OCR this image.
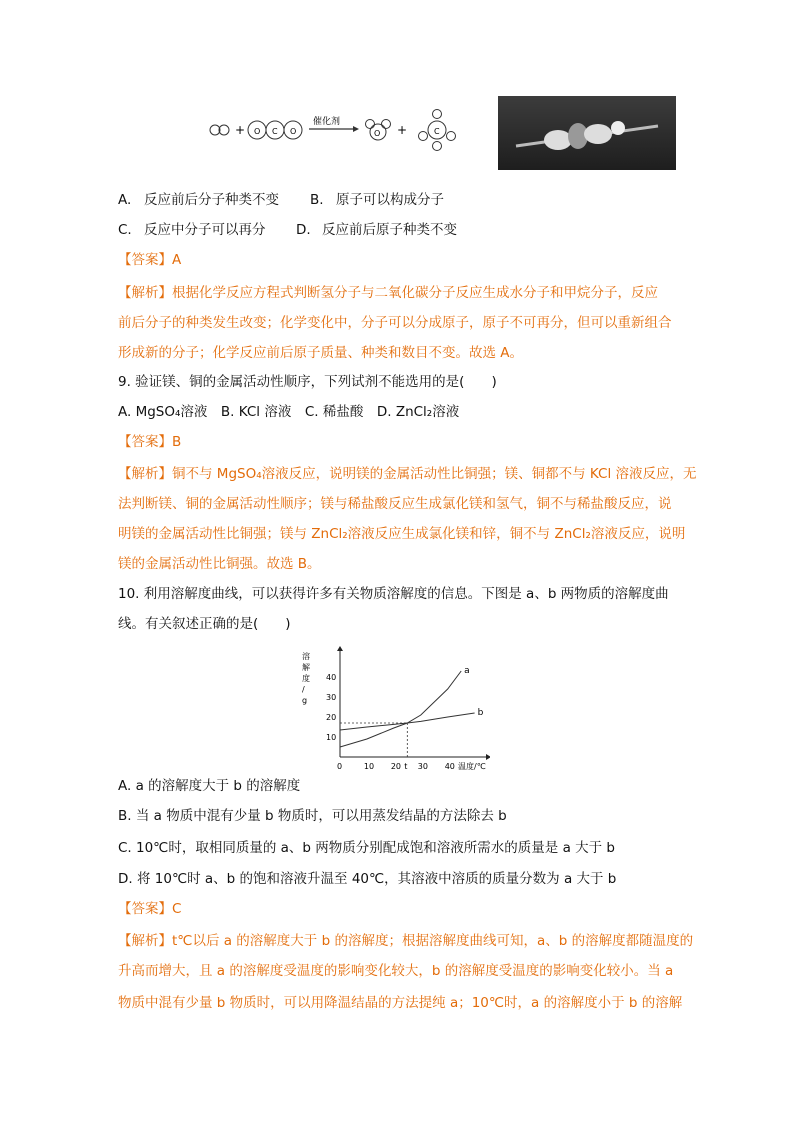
+ O C O
催化剂
O +	C
A. 反应前后分子种类不变 B. 原子可以构成分子
C. 反应中分子可以再分 D. 反应前后原子种类不变
【答案】A
【解析】根据化学反应方程式判断氢分子与二氧化碳分子反应生成水分子和甲烷分子，反应
前后分子的种类发生改变；化学变化中，分子可以分成原子，原子不可再分，但可以重新组合
形成新的分子；化学反应前后原子质量、种类和数目不变。故选 A。
9. 验证镁、铜的金属活动性顺序，下列试剂不能选用的是(　　)
A. MgSO₄溶液　B. KCl 溶液　C. 稀盐酸　D. ZnCl₂溶液
【答案】B
【解析】铜不与 MgSO₄溶液反应，说明镁的金属活动性比铜强；镁、铜都不与 KCl 溶液反应，无
法判断镁、铜的金属活动性顺序；镁与稀盐酸反应生成氯化镁和氢气，铜不与稀盐酸反应，说
明镁的金属活动性比铜强；镁与 ZnCl₂溶液反应生成氯化镁和锌，铜不与 ZnCl₂溶液反应，说明
镁的金属活动性比铜强。故选 B。
10. 利用溶解度曲线，可以获得许多有关物质溶解度的信息。下图是 a、b 两物质的溶解度曲
线。有关叙述正确的是(　　)
溶
解
度
/
g
温度/℃
0	10 20 t 30 40
10
20
30
40
a
b
A. a 的溶解度大于 b 的溶解度
B. 当 a 物质中混有少量 b 物质时，可以用蒸发结晶的方法除去 b
C. 10℃时，取相同质量的 a、b 两物质分别配成饱和溶液所需水的质量是 a 大于 b
D. 将 10℃时 a、b 的饱和溶液升温至 40℃，其溶液中溶质的质量分数为 a 大于 b
【答案】C
【解析】t℃以后 a 的溶解度大于 b 的溶解度；根据溶解度曲线可知，a、b 的溶解度都随温度的
升高而增大，且 a 的溶解度受温度的影响变化较大，b 的溶解度受温度的影响变化较小。当 a
物质中混有少量 b 物质时，可以用降温结晶的方法提纯 a；10℃时，a 的溶解度小于 b 的溶解
